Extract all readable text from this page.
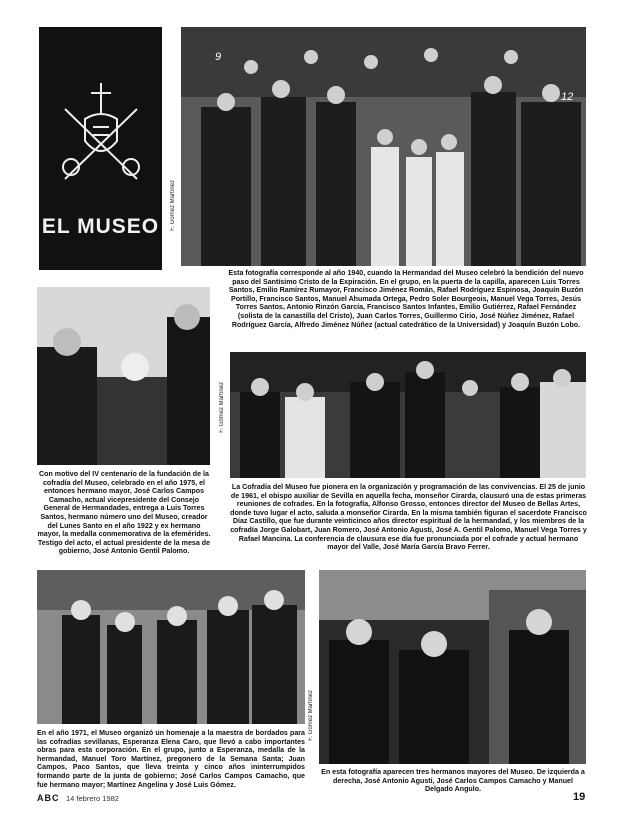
EL MUSEO
9
12
F. Gómez Martínez
Esta fotografía corresponde al año 1940, cuando la Hermandad del Museo celebró la bendición del nuevo paso del Santísimo Cristo de la Expiración. En el grupo, en la puerta de la capilla, aparecen Luis Torres Santos, Emilio Ramírez Rumayor, Francisco Jiménez Román, Rafael Rodríguez Espinosa, Joaquín Buzón Portillo, Francisco Santos, Manuel Ahumada Ortega, Pedro Soler Bourgeois, Manuel Vega Torres, Jesús Torres Santos, Antonio Rinzón García, Francisco Santos Infantes, Emilio Gutiérrez, Rafael Fernández (solista de la canastilla del Cristo), Juan Carlos Torres, Guillermo Cirio, José Núñez Jiménez, Rafael Rodríguez García, Alfredo Jiménez Núñez (actual catedrático de la Universidad) y Joaquín Buzón Lobo.
Con motivo del IV centenario de la fundación de la cofradía del Museo, celebrado en el año 1975, el entonces hermano mayor, José Carlos Campos Camacho, actual vicepresidente del Consejo General de Hermandades, entrega a Luis Torres Santos, hermano número uno del Museo, creador del Lunes Santo en el año 1922 y ex hermano mayor, la medalla conmemorativa de la efemérides. Testigo del acto, el actual presidente de la mesa de gobierno, José Antonio Gentil Palomo.
F. Gómez Martínez
La Cofradía del Museo fue pionera en la organización y programación de las convivencias. El 25 de junio de 1961, el obispo auxiliar de Sevilla en aquella fecha, monseñor Cirarda, clausuró una de estas primeras reuniones de cofrades. En la fotografía, Alfonso Grosso, entonces director del Museo de Bellas Artes, donde tuvo lugar el acto, saluda a monseñor Cirarda. En la misma también figuran el sacerdote Francisco Díaz Castillo, que fue durante veinticinco años director espiritual de la hermandad, y los miembros de la cofradía Jorge Galobart, Juan Romero, José Antonio Agusti, José A. Gentil Palomo, Manuel Vega Torres y Rafael Mancina. La conferencia de clausura ese día fue pronunciada por el cofrade y actual hermano mayor del Valle, José María García Bravo Ferrer.
En el año 1971, el Museo organizó un homenaje a la maestra de bordados para las cofradías sevillanas, Esperanza Elena Caro, que llevó a cabo importantes obras para esta corporación. En el grupo, junto a Esperanza, medalla de la hermandad, Manuel Toro Martínez, pregonero de la Semana Santa; Juan Campos, Paco Santos, que lleva treinta y cinco años ininterrumpidos formando parte de la junta de gobierno; José Carlos Campos Camacho, que fue hermano mayor; Martínez Angelina y José Luis Gómez.
F. Gómez Martínez
En esta fotografía aparecen tres hermanos mayores del Museo. De izquierda a derecha, José Antonio Agusti, José Carlos Campos Camacho y Manuel Delgado Angulo.
ABC 14 febrero 1982	19
